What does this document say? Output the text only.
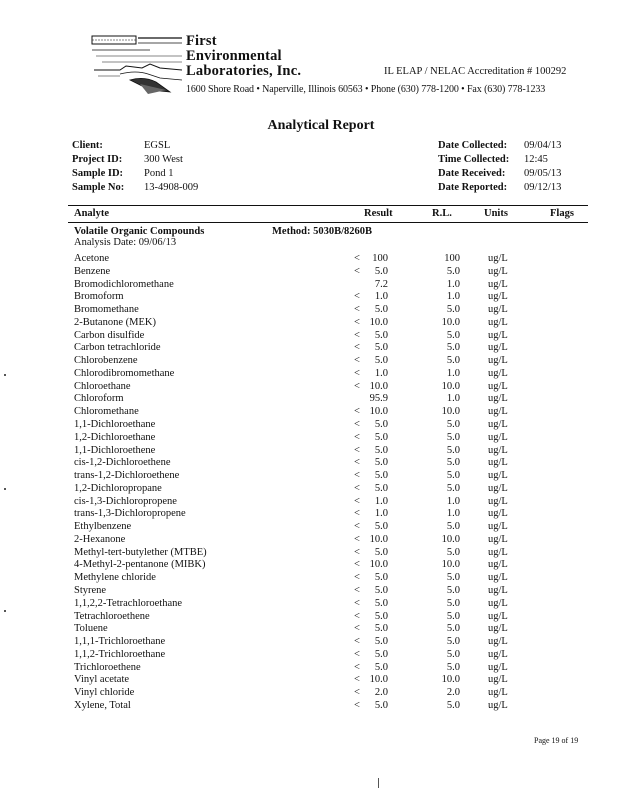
First
Environmental
Laboratories, Inc.	IL ELAP / NELAC Accreditation # 100292
1600 Shore Road • Naperville, Illinois 60563 • Phone (630) 778-1200 • Fax (630) 778-1233
Analytical Report
Client:	EGSL
Project ID: 300 West
Sample ID: Pond 1
Sample No: 13-4908-009
Date Collected: 09/04/13
Time Collected: 12:45
Date Received: 09/05/13
Date Reported: 09/12/13
Analyte	Result	R.L.	Units	Flags
Volatile Organic Compounds	Method: 5030B/8260B
Analysis Date: 09/06/13
Acetone	<	100	100	ug/L
Benzene	<	5.0	5.0	ug/L
Bromodichloromethane	7.2	1.0	ug/L
Bromoform	<	1.0	1.0	ug/L
Bromomethane	<	5.0	5.0	ug/L
2-Butanone (MEK)	< 10.0	10.0	ug/L
Carbon disulfide	<	5.0	5.0	ug/L
Carbon tetrachloride	<	5.0	5.0	ug/L
Chlorobenzene	<	5.0	5.0	ug/L
Chlorodibromomethane	<	1.0	1.0	ug/L
Chloroethane	< 10.0	10.0	ug/L
Chloroform	95.9	1.0	ug/L
Chloromethane	< 10.0	10.0	ug/L
1,1-Dichloroethane	<	5.0	5.0	ug/L
1,2-Dichloroethane	<	5.0	5.0	ug/L
1,1-Dichloroethene	<	5.0	5.0	ug/L
cis-1,2-Dichloroethene	<	5.0	5.0	ug/L
trans-1,2-Dichloroethene	<	5.0	5.0	ug/L
1,2-Dichloropropane	<	5.0	5.0	ug/L
cis-1,3-Dichloropropene	<	1.0	1.0	ug/L
trans-1,3-Dichloropropene	<	1.0	1.0	ug/L
Ethylbenzene	<	5.0	5.0	ug/L
2-Hexanone	< 10.0	10.0	ug/L
Methyl-tert-butylether (MTBE)	<	5.0	5.0	ug/L
4-Methyl-2-pentanone (MIBK)	< 10.0	10.0	ug/L
Methylene chloride	<	5.0	5.0	ug/L
Styrene	<	5.0	5.0	ug/L
1,1,2,2-Tetrachloroethane	<	5.0	5.0	ug/L
Tetrachloroethene	<	5.0	5.0	ug/L
Toluene	<	5.0	5.0	ug/L
1,1,1-Trichloroethane	<	5.0	5.0	ug/L
1,1,2-Trichloroethane	<	5.0	5.0	ug/L
Trichloroethene	<	5.0	5.0	ug/L
Vinyl acetate	< 10.0	10.0	ug/L
Vinyl chloride	<	2.0	2.0	ug/L
Xylene, Total	<	5.0	5.0	ug/L
Page 19 of 19
